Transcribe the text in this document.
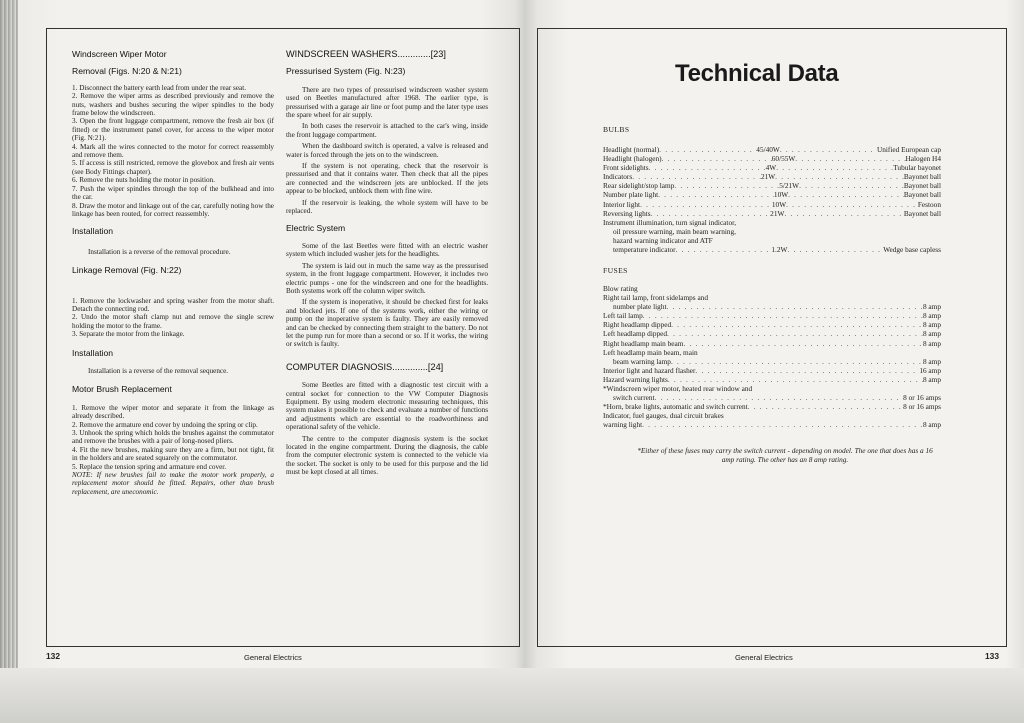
Windscreen Wiper Motor
Removal (Figs. N:20 & N:21)
1. Disconnect the battery earth lead from under the rear seat.
2. Remove the wiper arms as described previously and remove the nuts, washers and bushes securing the wiper spindles to the body frame below the windscreen.
3. Open the front luggage compartment, remove the fresh air box (if fitted) or the instrument panel cover, for access to the wiper motor (Fig. N:21).
4. Mark all the wires connected to the motor for correct reassembly and remove them.
5. If access is still restricted, remove the glovebox and fresh air vents (see Body Fittings chapter).
6. Remove the nuts holding the motor in position.
7. Push the wiper spindles through the top of the bulkhead and into the car.
8. Draw the motor and linkage out of the car, carefully noting how the linkage has been routed, for correct reassembly.
Installation

Installation is a reverse of the removal procedure.

Linkage Removal (Fig. N:22)
1. Remove the lockwasher and spring washer from the motor shaft. Detach the connecting rod.
2. Undo the motor shaft clamp nut and remove the single screw holding the motor to the frame.
3. Separate the motor from the linkage.
Installation

Installation is a reverse of the removal sequence.

Motor Brush Replacement
1. Remove the wiper motor and separate it from the linkage as already described.
2. Remove the armature end cover by undoing the spring or clip.
3. Unhook the spring which holds the brushes against the commutator and remove the brushes with a pair of long-nosed pliers.
4. Fit the new brushes, making sure they are a firm, but not tight, fit in the holders and are seated squarely on the commutator.
5. Replace the tension spring and armature end cover.

NOTE: If new brushes fail to make the motor work properly, a replacement motor should be fitted. Repairs, other than brush replacement, are uneconomic.

WINDSCREEN WASHERS.............[23]
Pressurised System (Fig. N:23)

There are two types of pressurised windscreen washer system used on Beetles manufactured after 1968. The earlier type, is pressurised with a garage air line or foot pump and the later type uses the spare wheel for air supply.

In both cases the reservoir is attached to the car's wing, inside the front luggage compartment.

When the dashboard switch is operated, a valve is released and water is forced through the jets on to the windscreen.

If the system is not operating, check that the reservoir is pressurised and that it contains water. Then check that all the pipes are connected and the windscreen jets are unblocked. If the jets appear to be blocked, unblock them with fine wire.

If the reservoir is leaking, the whole system will have to be replaced.

Electric System

Some of the last Beetles were fitted with an electric washer system which included washer jets for the headlights.

The system is laid out in much the same way as the pressurised system, in the front luggage compartment. However, it includes two electric pumps - one for the windscreen and one for the headlights. Both systems work off the column wiper switch.

If the system is inoperative, it should be checked first for leaks and blocked jets. If one of the systems work, either the wiring or pump on the inoperative system is faulty. They are easily removed and can be checked by connecting them straight to the battery. Do not let the pump run for more than a second or so. If it works, the wiring or switch is faulty.

COMPUTER DIAGNOSIS..............[24]

Some Beetles are fitted with a diagnostic test circuit with a central socket for connection to the VW Computer Diagnosis Equipment. By using modern electronic measuring techniques, this system makes it possible to check and evaluate a number of functions and adjustments which are essential to the roadworthiness and operational safety of the vehicle.

The centre to the computer diagnosis system is the socket located in the engine compartment. During the diagnosis, the cable from the computer electronic system is connected to the vehicle via the socket. The socket is only to be used for this purpose and the lid must be kept closed at all times.

132	General Electrics
Technical Data
BULBS
Headlight (normal) . . .	45/40W . . .	Unified European cap
Headlight (halogen) . . .	60/55W . . .	Halogen H4
Front sidelights . . .	4W . . .	Tubular bayonet
Indicators . . .	21W . . .	Bayonet ball
Rear sidelight/stop lamp . . .	5/21W . . .	Bayonet ball
Number plate light . . .	10W . . .	Bayonet ball
Interior light . . .	10W . . .	Festoon
Reversing lights . . .	21W . . .	Bayonet ball
Instrument illumination, turn signal indicator,
oil pressure warning, main beam warning,
hazard warning indicator and ATF
temperature indicator . . .	1.2W . . .	Wedge base capless
FUSES
Blow rating
Right tail lamp, front sidelamps and
number plate light . . .	8 amp
Left tail lamp . . .	8 amp
Right headlamp dipped . . .	8 amp
Left headlamp dipped . . .	8 amp
Right headlamp main beam . . .	8 amp
Left headlamp main beam, main
beam warning lamp . . .	8 amp
Interior light and hazard flasher . . .	16 amp
Hazard warning lights . . .	8 amp
*Windscreen wiper motor, heated rear window and
switch current . . .	8 or 16 amps
*Horn, brake lights, automatic and switch current . . .	8 or 16 amps
Indicator, fuel gauges, dual circuit brakes
warning light . . .	8 amp
*Either of these fuses may carry the switch current - depending on model. The one that does has a 16 amp rating. The other has an 8 amp rating.
General Electrics	133
